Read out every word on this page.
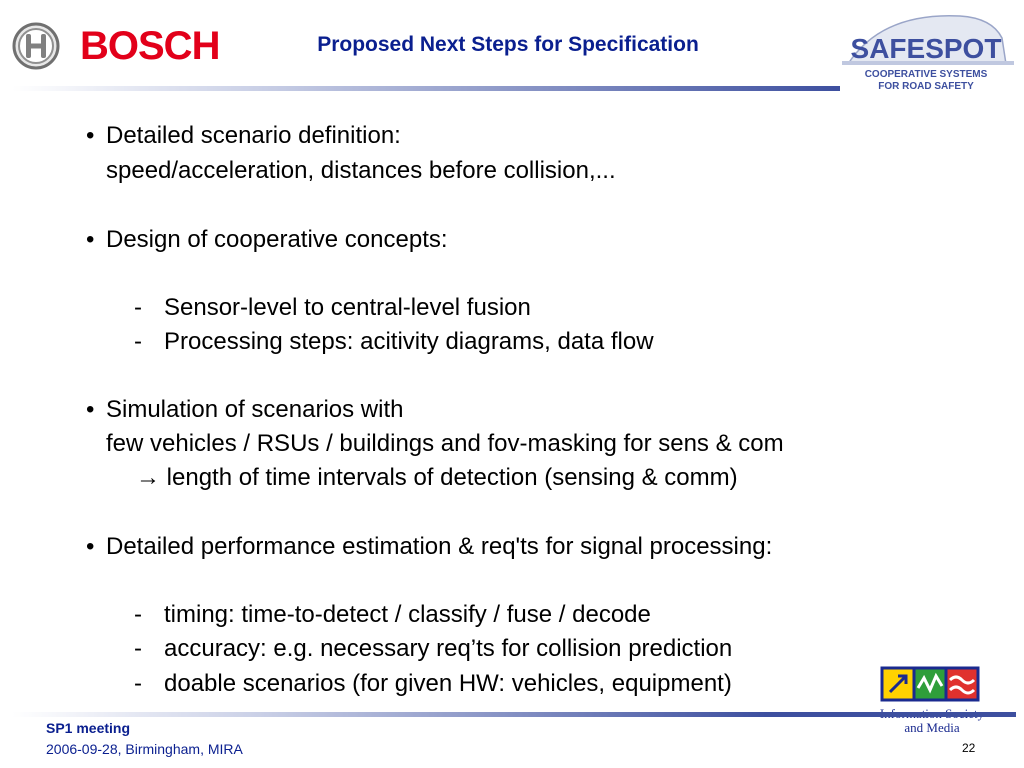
BOSCH	Proposed Next Steps for Specification	SAFESPOT
COOPERATIVE SYSTEMS
FOR ROAD SAFETY
• Detailed scenario definition:
speed/acceleration, distances before collision,...
• Design of cooperative concepts:
- Sensor-level to central-level fusion
- Processing steps: acitivity diagrams, data flow
• Simulation of scenarios with
few vehicles / RSUs / buildings and fov-masking for sens & com
→ length of time intervals of detection (sensing & comm)
• Detailed performance estimation & req'ts for signal processing:
- timing: time-to-detect / classify / fuse / decode
- accuracy: e.g. necessary req’ts for collision prediction
- doable scenarios (for given HW: vehicles, equipment)
and Media
SP1 meeting
2006-09-28, Birmingham, MIRA	22
